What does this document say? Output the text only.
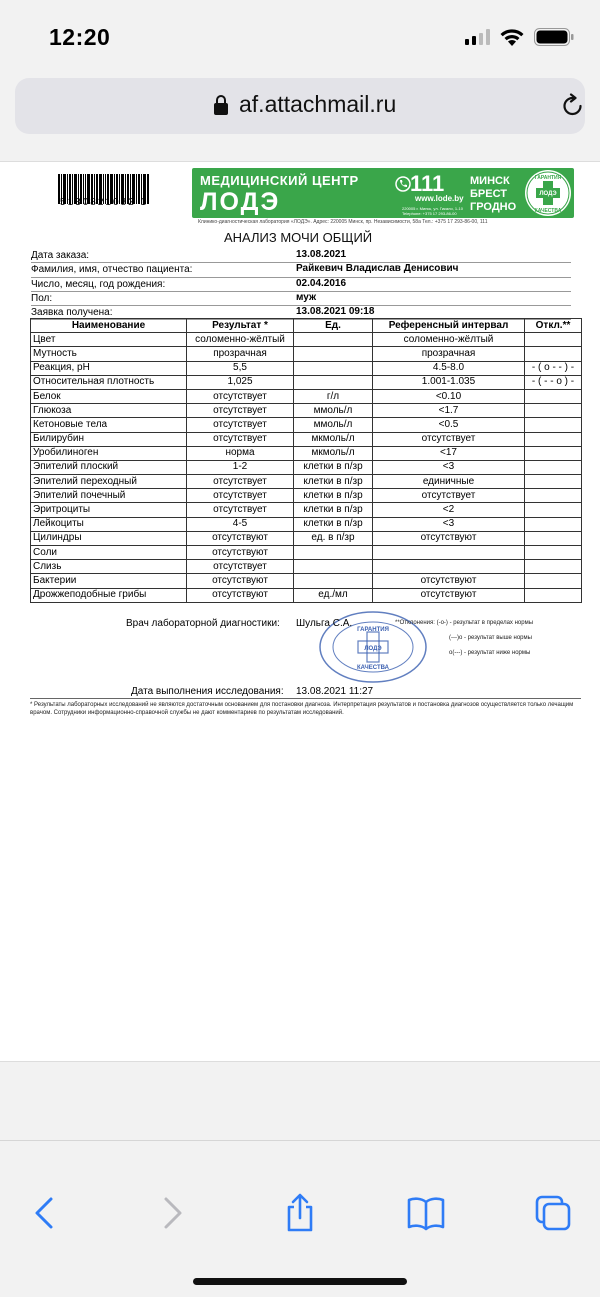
12:20
af.attachmail.ru
5130821082 1
МЕДИЦИНСКИЙ ЦЕНТР
ЛОДЭ
111
www.lode.by
220005 г. Минск, ул. Гикало, 1-10 Telephone: +375 17 293-86-00
МИНСК
БРЕСТ
ГРОДНО
ГАРАНТИЯ
ЛОДЭ
КАЧЕСТВА
Клинико-диагностическая лаборатория «ЛОДЭ». Адрес: 220005 Минск, пр. Независимости, 58а Тел.: +375 17 293-86-00, 111
АНАЛИЗ МОЧИ ОБЩИЙ
Дата заказа:	13.08.2021
Фамилия, имя, отчество пациента:	Райкевич Владислав Денисович
Число, месяц, год рождения:	02.04.2016
Пол:	муж
Заявка получена:	13.08.2021 09:18
Наименование	Результат *	Ед.	Референсный интервал	Откл.**
Цвет	соломенно-жёлтый		соломенно-жёлтый	
Мутность	прозрачная		прозрачная	
Реакция, pH	5,5		4.5-8.0	- ( о - - ) -
Относительная плотность	1,025		1.001-1.035	- ( - - о ) -
Белок	отсутствует	г/л	<0.10	
Глюкоза	отсутствует	ммоль/л	<1.7	
Кетоновые тела	отсутствует	ммоль/л	<0.5	
Билирубин	отсутствует	мкмоль/л	отсутствует	
Уробилиноген	норма	мкмоль/л	<17	
Эпителий плоский	1-2	клетки в п/зр	<3	
Эпителий переходный	отсутствует	клетки в п/зр	единичные	
Эпителий почечный	отсутствует	клетки в п/зр	отсутствует	
Эритроциты	отсутствует	клетки в п/зр	<2	
Лейкоциты	4-5	клетки в п/зр	<3	
Цилиндры	отсутствуют	ед. в п/зр	отсутствуют	
Соли	отсутствуют			
Слизь	отсутствует			
Бактерии	отсутствуют		отсутствуют	
Дрожжеподобные грибы	отсутствуют	ед./мл	отсутствуют	
Врач лабораторной диагностики:
ГАРАНТИЯ
ЛОДЭ
КАЧЕСТВА
Шульга С.А.	**Отклонения: (-о-) - результат в пределах нормы
(---)о - результат выше нормы
о(---) - результат ниже нормы
Дата выполнения исследования: 13.08.2021 11:27
* Результаты лабораторных исследований не являются достаточным основанием для постановки диагноза. Интерпретация результатов и постановка диагнозов осуществляется только лечащим врачом. Сотрудники информационно-справочной службы не дают комментариев по результатам исследований.
